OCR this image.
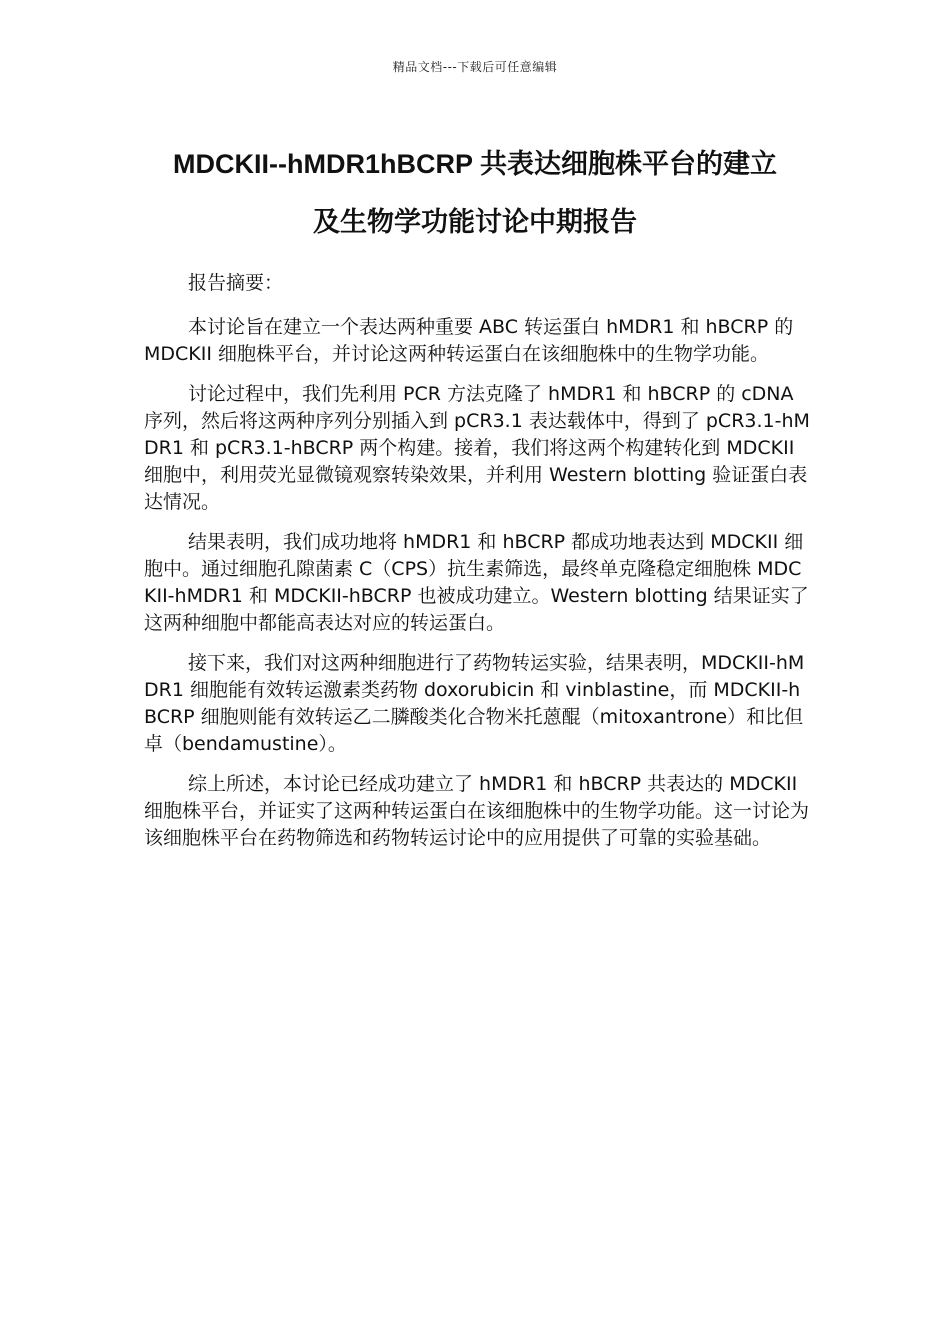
精品文档---下载后可任意编辑
MDCKII--hMDR1hBCRP 共表达细胞株平台的建立
及生物学功能讨论中期报告

报告摘要：

本讨论旨在建立一个表达两种重要 ABC 转运蛋白 hMDR1 和 hBCRP 的 MDCKII 细胞株平台，并讨论这两种转运蛋白在该细胞株中的生物学功能。

讨论过程中，我们先利用 PCR 方法克隆了 hMDR1 和 hBCRP 的 cDNA 序列，然后将这两种序列分别插入到 pCR3.1 表达载体中，得到了 pCR3.1-hMDR1 和 pCR3.1-hBCRP 两个构建。接着，我们将这两个构建转化到 MDCKII 细胞中，利用荧光显微镜观察转染效果，并利用 Western blotting 验证蛋白表达情况。

结果表明，我们成功地将 hMDR1 和 hBCRP 都成功地表达到 MDCKII 细胞中。通过细胞孔隙菌素 C（CPS）抗生素筛选，最终单克隆稳定细胞株 MDCKII-hMDR1 和 MDCKII-hBCRP 也被成功建立。Western blotting 结果证实了这两种细胞中都能高表达对应的转运蛋白。

接下来，我们对这两种细胞进行了药物转运实验，结果表明，MDCKII-hMDR1 细胞能有效转运激素类药物 doxorubicin 和 vinblastine，而 MDCKII-hBCRP 细胞则能有效转运乙二膦酸类化合物米托蒽醌（mitoxantrone）和比但卓（bendamustine）。

综上所述，本讨论已经成功建立了 hMDR1 和 hBCRP 共表达的 MDCKII 细胞株平台，并证实了这两种转运蛋白在该细胞株中的生物学功能。这一讨论为该细胞株平台在药物筛选和药物转运讨论中的应用提供了可靠的实验基础。
